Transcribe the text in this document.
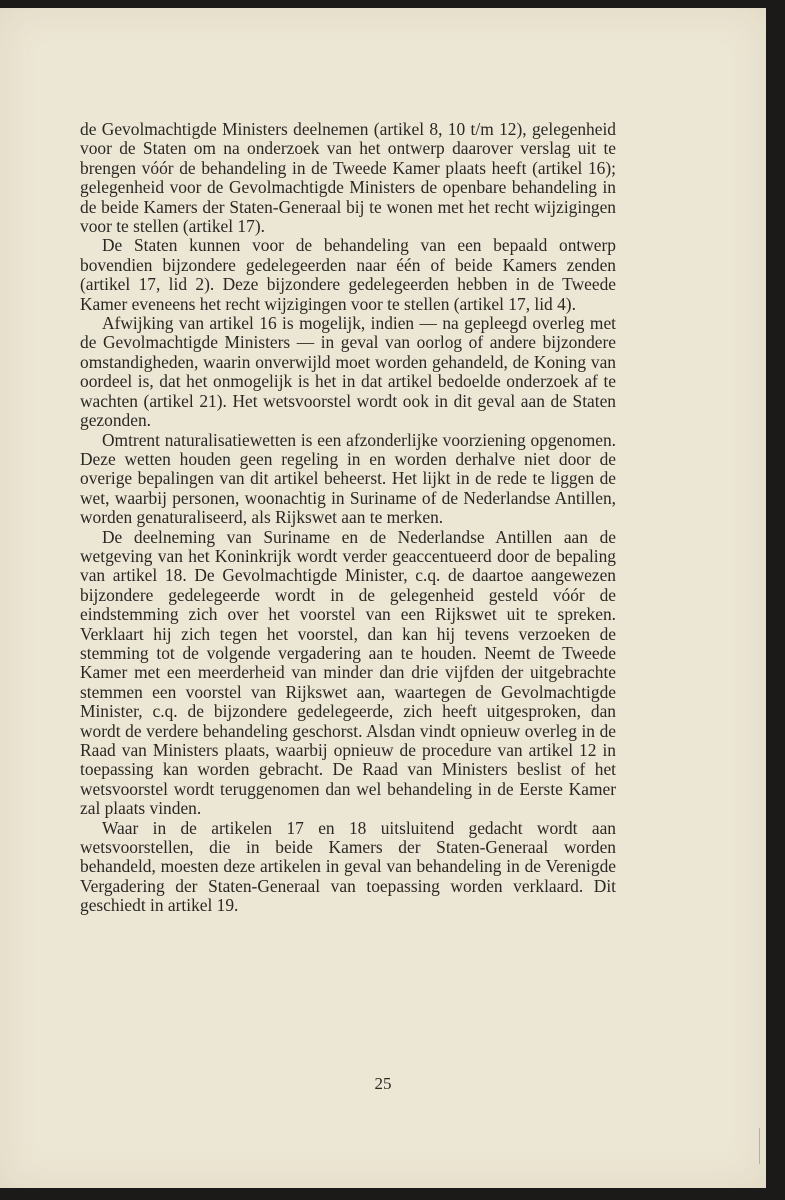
de Gevolmachtigde Ministers deelnemen (artikel 8, 10 t/m 12), gelegenheid voor de Staten om na onderzoek van het ontwerp daarover verslag uit te brengen vóór de behandeling in de Tweede Kamer plaats heeft (artikel 16); gelegenheid voor de Gevolmachtigde Ministers de openbare behandeling in de beide Kamers der Staten-Generaal bij te wonen met het recht wijzigingen voor te stellen (artikel 17).

De Staten kunnen voor de behandeling van een bepaald ontwerp bovendien bijzondere gedelegeerden naar één of beide Kamers zenden (artikel 17, lid 2). Deze bijzondere gedelegeerden hebben in de Tweede Kamer eveneens het recht wijzigingen voor te stellen (artikel 17, lid 4).

Afwijking van artikel 16 is mogelijk, indien — na gepleegd overleg met de Gevolmachtigde Ministers — in geval van oorlog of andere bijzondere omstandigheden, waarin onverwijld moet worden gehandeld, de Koning van oordeel is, dat het onmogelijk is het in dat artikel bedoelde onderzoek af te wachten (artikel 21). Het wetsvoorstel wordt ook in dit geval aan de Staten gezonden.

Omtrent naturalisatiewetten is een afzonderlijke voorziening opgenomen. Deze wetten houden geen regeling in en worden derhalve niet door de overige bepalingen van dit artikel beheerst. Het lijkt in de rede te liggen de wet, waarbij personen, woonachtig in Suriname of de Nederlandse Antillen, worden genaturaliseerd, als Rijkswet aan te merken.

De deelneming van Suriname en de Nederlandse Antillen aan de wetgeving van het Koninkrijk wordt verder geaccentueerd door de bepaling van artikel 18. De Gevolmachtigde Minister, c.q. de daartoe aangewezen bijzondere gedelegeerde wordt in de gelegenheid gesteld vóór de eindstemming zich over het voorstel van een Rijkswet uit te spreken. Verklaart hij zich tegen het voorstel, dan kan hij tevens verzoeken de stemming tot de volgende vergadering aan te houden. Neemt de Tweede Kamer met een meerderheid van minder dan drie vijfden der uitgebrachte stemmen een voorstel van Rijkswet aan, waartegen de Gevolmachtigde Minister, c.q. de bijzondere gedelegeerde, zich heeft uitgesproken, dan wordt de verdere behandeling geschorst. Alsdan vindt opnieuw overleg in de Raad van Ministers plaats, waarbij opnieuw de procedure van artikel 12 in toepassing kan worden gebracht. De Raad van Ministers beslist of het wetsvoorstel wordt teruggenomen dan wel behandeling in de Eerste Kamer zal plaats vinden.

Waar in de artikelen 17 en 18 uitsluitend gedacht wordt aan wetsvoorstellen, die in beide Kamers der Staten-Generaal worden behandeld, moesten deze artikelen in geval van behandeling in de Verenigde Vergadering der Staten-Generaal van toepassing worden verklaard. Dit geschiedt in artikel 19.

25
